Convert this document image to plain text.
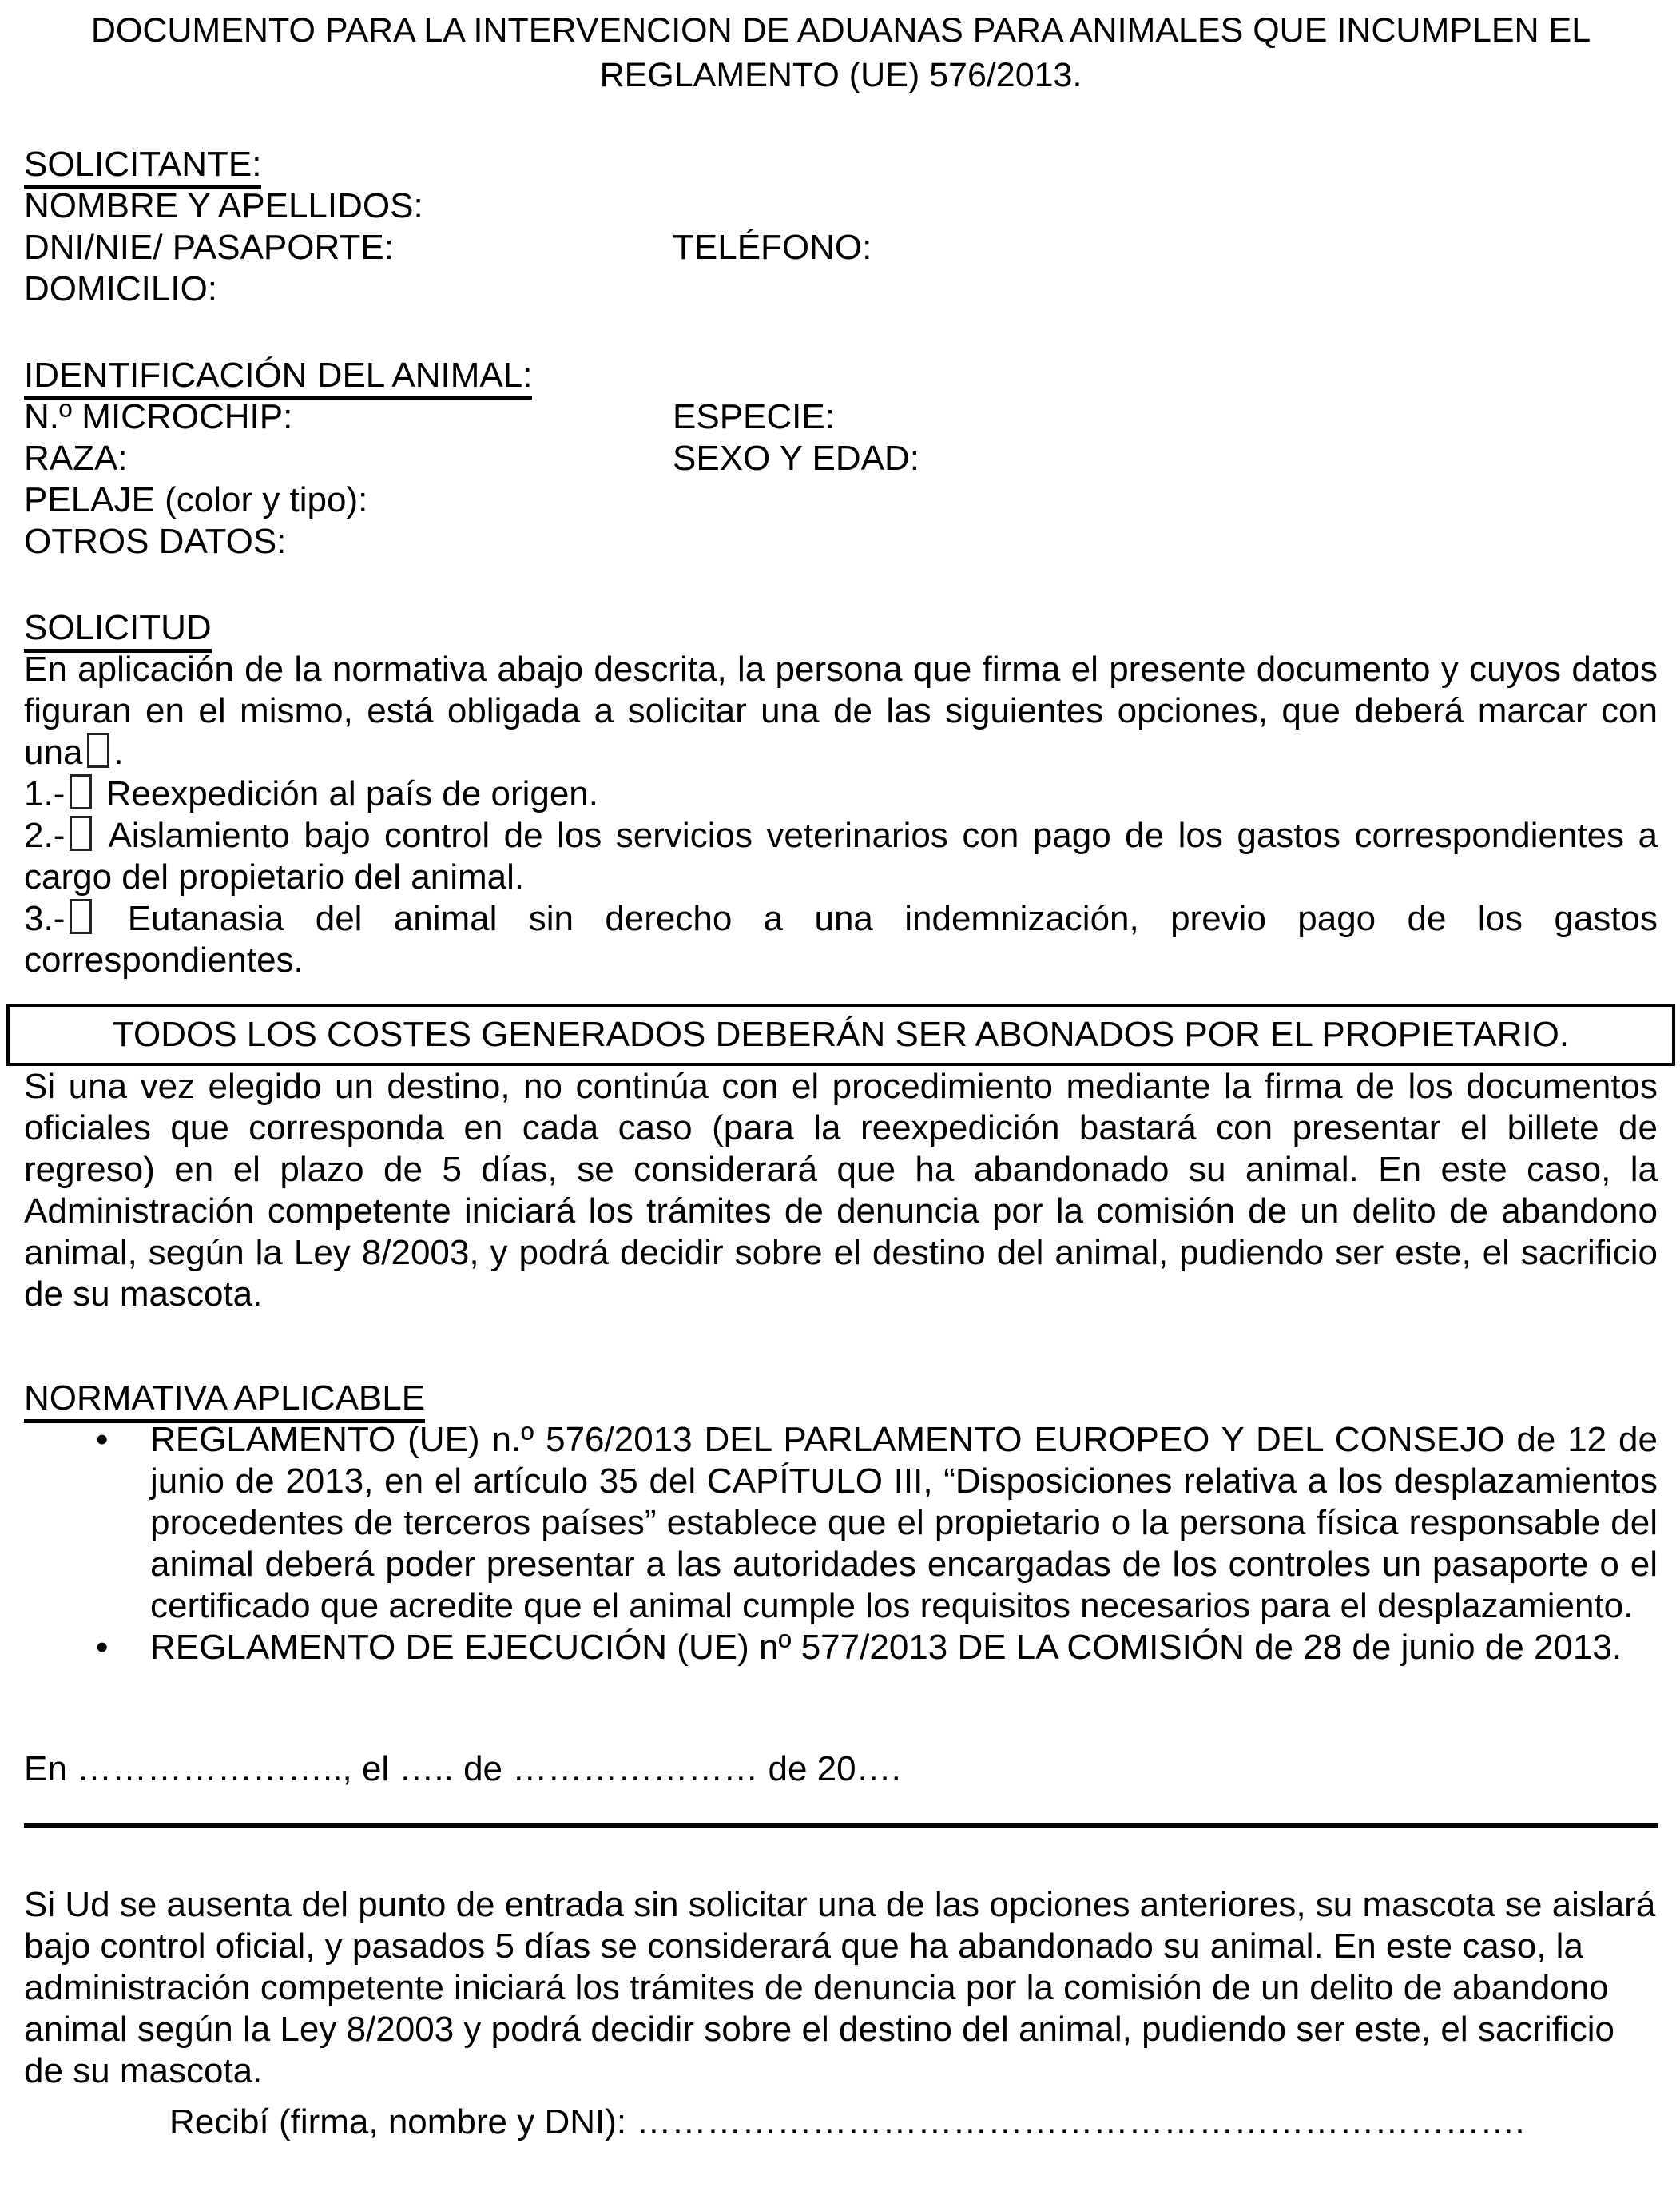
DOCUMENTO PARA LA INTERVENCION DE ADUANAS PARA ANIMALES QUE INCUMPLEN EL
REGLAMENTO (UE) 576/2013.
SOLICITANTE:
NOMBRE Y APELLIDOS:
DNI/NIE/ PASAPORTE:	TELÉFONO:
DOMICILIO:
IDENTIFICACIÓN DEL ANIMAL:
N.º MICROCHIP:	ESPECIE:
RAZA:	SEXO Y EDAD:
PELAJE (color y tipo):
OTROS DATOS:
SOLICITUD

En aplicación de la normativa abajo descrita, la persona que firma el presente documento y cuyos datos figuran en el mismo, está obligada a solicitar una de las siguientes opciones, que deberá marcar con una .

1.- Reexpedición al país de origen.

2.- Aislamiento bajo control de los servicios veterinarios con pago de los gastos correspondientes a cargo del propietario del animal.

3.- Eutanasia del animal sin derecho a una indemnización, previo pago de los gastos correspondientes.

TODOS LOS COSTES GENERADOS DEBERÁN SER ABONADOS POR EL PROPIETARIO.

Si una vez elegido un destino, no continúa con el procedimiento mediante la firma de los documentos oficiales que corresponda en cada caso (para la reexpedición bastará con presentar el billete de regreso) en el plazo de 5 días, se considerará que ha abandonado su animal. En este caso, la Administración competente iniciará los trámites de denuncia por la comisión de un delito de abandono animal, según la Ley 8/2003, y podrá decidir sobre el destino del animal, pudiendo ser este, el sacrificio de su mascota.

NORMATIVA APLICABLE
•	REGLAMENTO (UE) n.º 576/2013 DEL PARLAMENTO EUROPEO Y DEL CONSEJO de 12 de junio de 2013, en el artículo 35 del CAPÍTULO III, “Disposiciones relativa a los desplazamientos procedentes de terceros países” establece que el propietario o la persona física responsable del animal deberá poder presentar a las autoridades encargadas de los controles un pasaporte o el certificado que acredite que el animal cumple los requisitos necesarios para el desplazamiento.
•	REGLAMENTO DE EJECUCIÓN (UE) nº 577/2013 DE LA COMISIÓN de 28 de junio de 2013.
En ………………….., el ….. de ………………… de 20….

Si Ud se ausenta del punto de entrada sin solicitar una de las opciones anteriores, su mascota se aislará bajo control oficial, y pasados 5 días se considerará que ha abandonado su animal. En este caso, la administración competente iniciará los trámites de denuncia por la comisión de un delito de abandono animal según la Ley 8/2003 y podrá decidir sobre el destino del animal, pudiendo ser este, el sacrificio de su mascota.

Recibí (firma, nombre y DNI): ………………………………………………………………….
